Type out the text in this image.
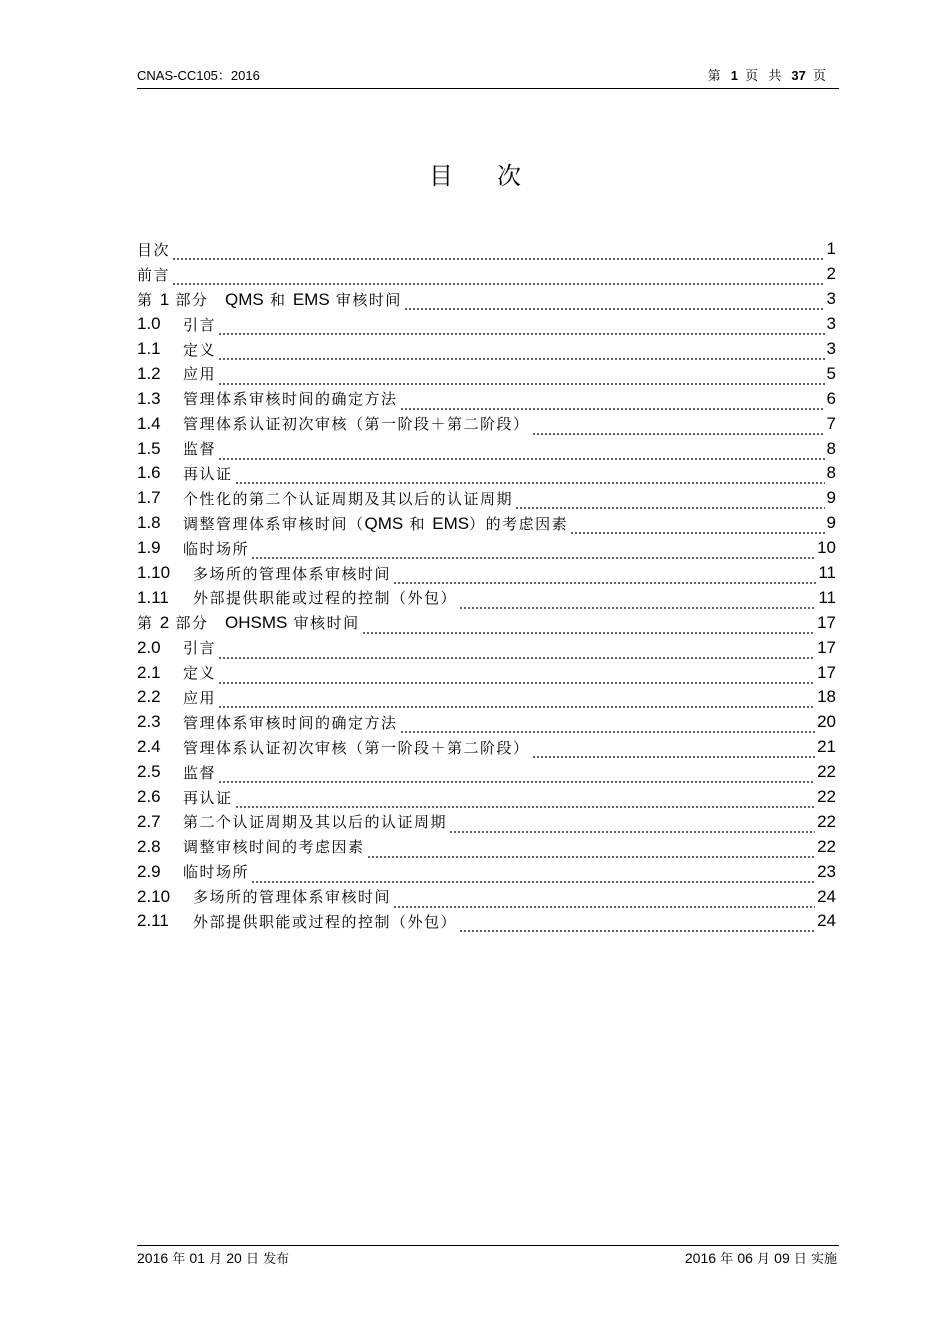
CNAS-CC105：2016	第 1 页 共 37 页
目次
目次	1
前言	2
第 1 部分　QMS 和 EMS 审核时间	3
1.0	引言	3
1.1	定义	3
1.2	应用	5
1.3	管理体系审核时间的确定方法	6
1.4	管理体系认证初次审核（第一阶段＋第二阶段）	7
1.5	监督	8
1.6	再认证	8
1.7	个性化的第二个认证周期及其以后的认证周期	9
1.8	调整管理体系审核时间（QMS 和 EMS）的考虑因素	9
1.9	临时场所	10
1.10	多场所的管理体系审核时间	11
1.11	外部提供职能或过程的控制（外包）	11
第 2 部分　OHSMS 审核时间	17
2.0	引言	17
2.1	定义	17
2.2	应用	18
2.3	管理体系审核时间的确定方法	20
2.4	管理体系认证初次审核（第一阶段＋第二阶段）	21
2.5	监督	22
2.6	再认证	22
2.7	第二个认证周期及其以后的认证周期	22
2.8	调整审核时间的考虑因素	22
2.9	临时场所	23
2.10	多场所的管理体系审核时间	24
2.11	外部提供职能或过程的控制（外包）	24
2016 年 01 月 20 日 发布	2016 年 06 月 09 日 实施
